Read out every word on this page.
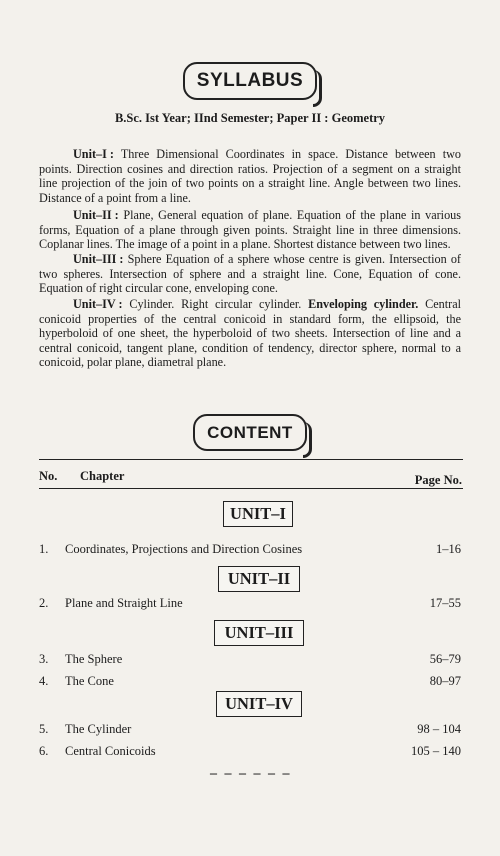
SYLLABUS
B.Sc. Ist Year; IInd Semester; Paper II : Geometry

Unit–I : Three Dimensional Coordinates in space. Distance between two points. Direction cosines and direction ratios. Projection of a segment on a straight line projection of the join of two points on a straight line. Angle between two lines. Distance of a point from a line.

Unit–II : Plane, General equation of plane. Equation of the plane in various forms, Equation of a plane through given points. Straight line in three dimensions. Coplanar lines. The image of a point in a plane. Shortest distance between two lines.

Unit–III : Sphere Equation of a sphere whose centre is given. Intersection of two spheres. Intersection of sphere and a straight line. Cone, Equation of cone. Equation of right circular cone, enveloping cone.

Unit–IV : Cylinder. Right circular cylinder. Enveloping cylinder. Central conicoid properties of the central conicoid in standard form, the ellipsoid, the hyperboloid of one sheet, the hyperboloid of two sheets. Intersection of line and a central conicoid, tangent plane, condition of tendency, director sphere, normal to a conicoid, polar plane, diametral plane.

CONTENT
No. Chapter	Page No.
UNIT–I
1. Coordinates, Projections and Direction Cosines	1–16
UNIT–II
2. Plane and Straight Line	17–55
UNIT–III
3. The Sphere	56–79
4. The Cone	80–97
UNIT–IV
5. The Cylinder	98 – 104
6. Central Conicoids	105 – 140
– – – – – –
